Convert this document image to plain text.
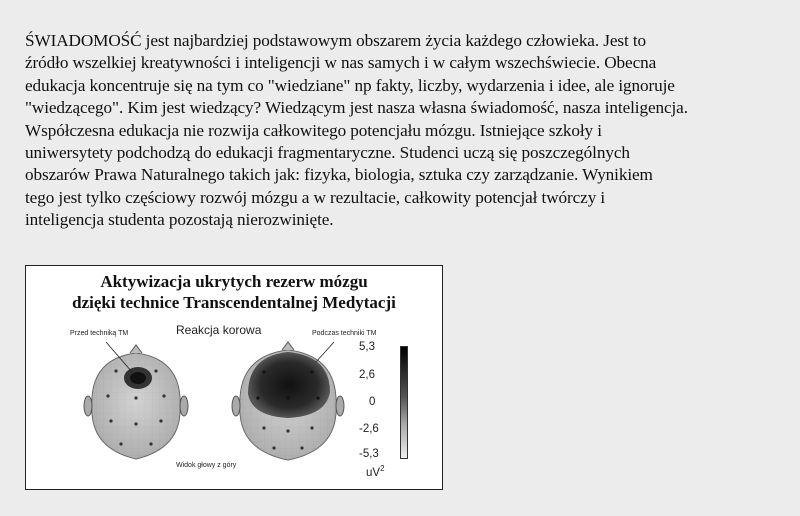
ŚWIADOMOŚĆ jest najbardziej podstawowym obszarem życia każdego człowieka. Jest to

źródło wszelkiej kreatywności i inteligencji w nas samych i w całym wszechświecie. Obecna

edukacja koncentruje się na tym co "wiedziane" np fakty, liczby, wydarzenia i idee, ale ignoruje

"wiedzącego". Kim jest wiedzący? Wiedzącym jest nasza własna świadomość, nasza inteligencja.

Współczesna edukacja nie rozwija całkowitego potencjału mózgu. Istniejące szkoły i

uniwersytety podchodzą do edukacji fragmentaryczne. Studenci uczą się poszczególnych

obszarów Prawa Naturalnego takich jak: fizyka, biologia, sztuka czy zarządzanie. Wynikiem

tego jest tylko częściowy rozwój mózgu a w rezultacie, całkowity potencjał twórczy i

inteligencja studenta pozostają nierozwinięte.

Aktywizacja ukrytych rezerw mózgu
dzięki technice Transcendentalnej Medytacji
Przed techniką TM	Podczas techniki TM
Reakcja korowa
Widok głowy z góry
5,3
2,6
0
-2,6
-5,3
$uV^2$
